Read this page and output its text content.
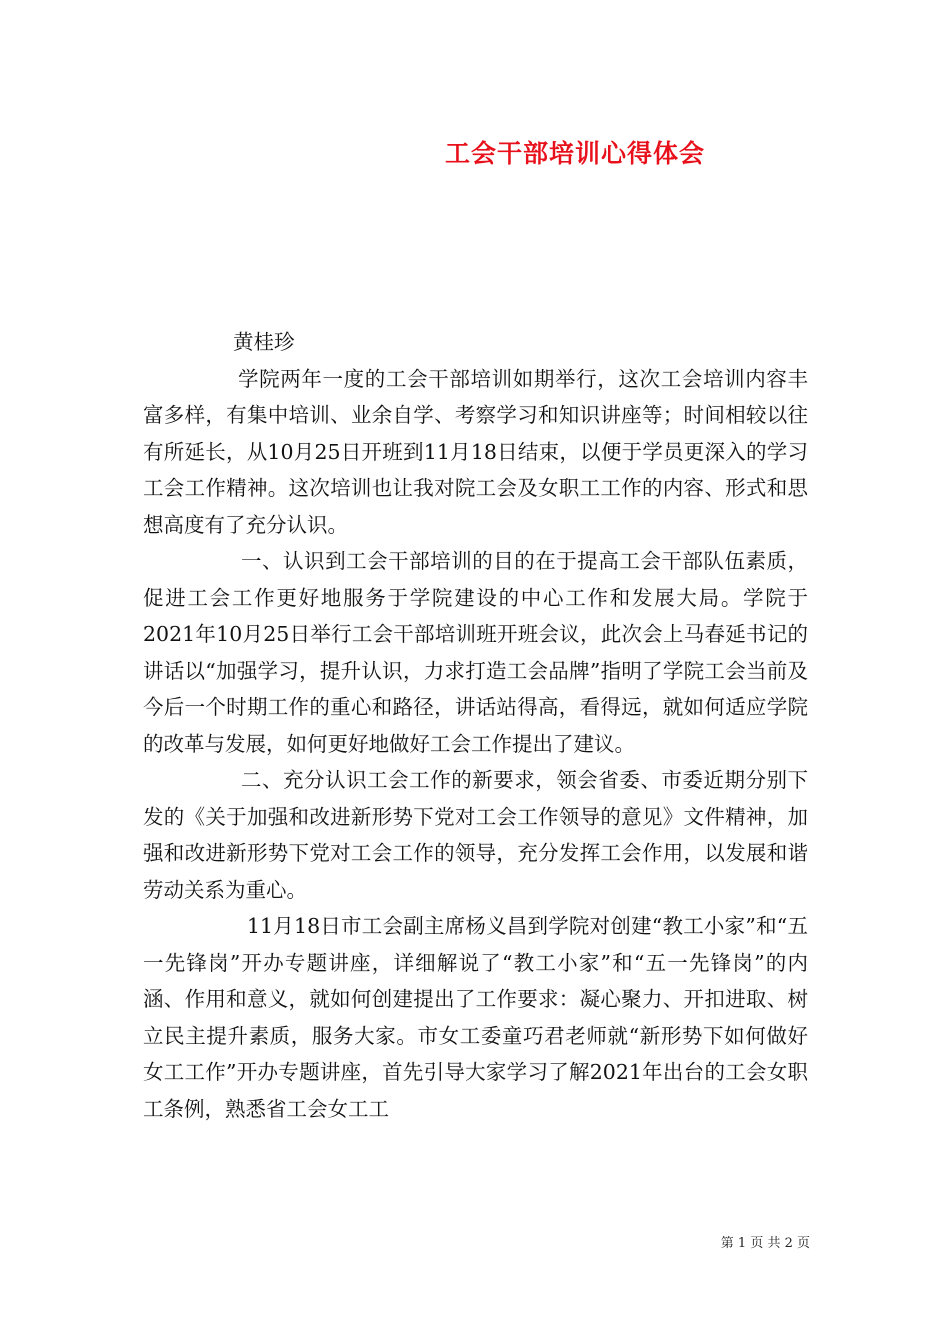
工会干部培训心得体会

黄桂珍

学院两年一度的工会干部培训如期举行，这次工会培训内容丰富多样，有集中培训、业余自学、考察学习和知识讲座等；时间相较以往有所延长，从10月25日开班到11月18日结束，以便于学员更深入的学习工会工作精神。这次培训也让我对院工会及女职工工作的内容、形式和思想高度有了充分认识。

一、认识到工会干部培训的目的在于提高工会干部队伍素质，促进工会工作更好地服务于学院建设的中心工作和发展大局。学院于2021年10月25日举行工会干部培训班开班会议，此次会上马春延书记的讲话以“加强学习，提升认识，力求打造工会品牌”指明了学院工会当前及今后一个时期工作的重心和路径，讲话站得高，看得远，就如何适应学院的改革与发展，如何更好地做好工会工作提出了建议。

二、充分认识工会工作的新要求，领会省委、市委近期分别下发的《关于加强和改进新形势下党对工会工作领导的意见》文件精神，加强和改进新形势下党对工会工作的领导，充分发挥工会作用，以发展和谐劳动关系为重心。

11月18日市工会副主席杨义昌到学院对创建“教工小家”和“五一先锋岗”开办专题讲座，详细解说了“教工小家”和“五一先锋岗”的内涵、作用和意义，就如何创建提出了工作要求：凝心聚力、开扣进取、树立民主提升素质，服务大家。市女工委童巧君老师就“新形势下如何做好女工工作”开办专题讲座，首先引导大家学习了解2021年出台的工会女职工条例，熟悉省工会女工工

第 1 页 共 2 页
